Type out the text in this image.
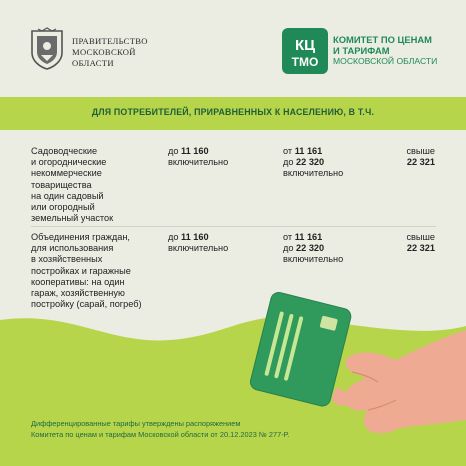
ПРАВИТЕЛЬСТВО
МОСКОВСКОЙ
ОБЛАСТИ
КЦ
ТМО
КОМИТЕТ ПО ЦЕНАМ
И ТАРИФАМ
МОСКОВСКОЙ ОБЛАСТИ
ДЛЯ ПОТРЕБИТЕЛЕЙ, ПРИРАВНЕННЫХ К НАСЕЛЕНИЮ, В Т.Ч.
Садоводческие
и огороднические
некоммерческие
товарищества
на один садовый
или огородный
земельный участок
до 11 160
включительно
от 11 161
до 22 320
включительно
свыше
22 321
Объединения граждан,
для использования
в хозяйственных
постройках и гаражные
кооперативы: на один
гараж, хозяйственную
постройку (сарай, погреб)
до 11 160
включительно
от 11 161
до 22 320
включительно
свыше
22 321
Дифференцированные тарифы утверждены распоряжением
Комитета по ценам и тарифам Московской области от 20.12.2023 № 277-Р.
